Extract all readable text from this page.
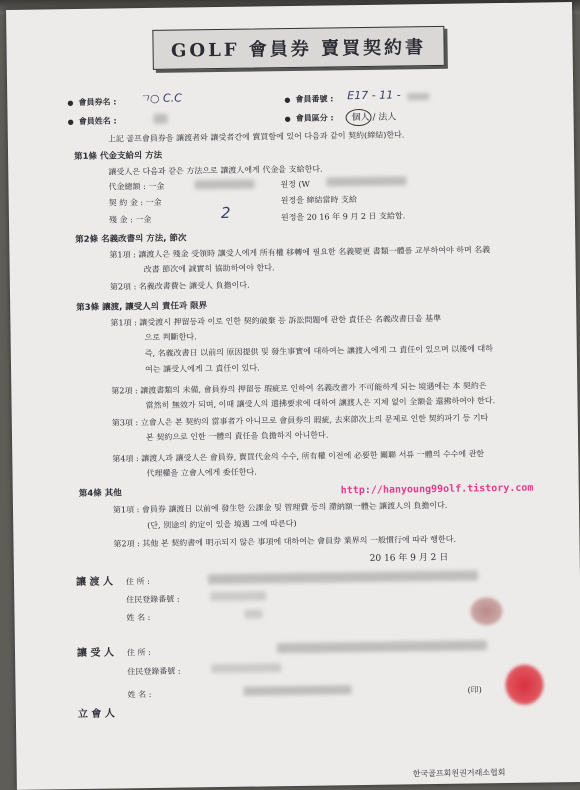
GOLF 會員券 賣買契約書
● 會員券名 : ㄱ○ C.C	● 會員番號 : E17 - 11 -
● 會員姓名 :	● 會員區分 : 個人 / 法人
上記 골프會員券을 讓渡者와 讓受者간에 賣買함에 있어 다음과 같이 契約(締結)한다.
第1條 代金支給의 方法
讓受人은 다음과 같은 方法으로 讓渡人에게 代金을 支給한다.
代金總額 : 一金	원정 (W
契 約 金 : 一金	원정을 締結當時 支給
殘 金 : 一金	2	원정을 20 16 年 9 月 2 日 支給함.
第2條 名義改書의 方法, 節次
第1項 : 讓渡人은 殘金 受領時 讓受人에게 所有權 移轉에 필요한 名義變更 書類一體를 교부하여야 하며 名義
改書 節次에 誠實히 協助하여야 한다.
第2項 : 名義改書費는 讓受人 負擔이다.
第3條 讓渡, 讓受人의 責任과 限界
第1項 : 讓受渡시 押留등과 이로 인한 契約破棄 등 訴訟問題에 관한 責任은 名義改書日을 基準
으로 判斷한다.
즉, 名義改書日 以前의 原因提供 및 發生事實에 대하여는 讓渡人에게 그 責任이 있으며 以後에 대하
여는 讓受人에게 그 責任이 있다.
第2項 : 讓渡書類의 未備, 會員券의 押留등 瑕疵로 인하여 名義改書가 不可能하게 되는 境遇에는 本 契約은
當然히 無效가 되며, 이때 讓受人의 還拂要求에 대하여 讓渡人은 지체 없이 全額을 還拂하여야 한다.
第3項 : 立會人은 본 契約의 當事者가 아니므로 會員券의 瑕疵, 去來節次上의 문제로 인한 契約파기 등 기타
본 契約으로 인한 一體의 責任을 負擔하지 아니한다.
第4項 : 讓渡人과 讓受人은 會員券, 賣買代金의 수수, 所有權 이전에 必要한 關聯 서류 一體의 수수에 관한
代理權을 立會人에게 委任한다.
第4條 其他
第1項 : 會員券 讓渡日 以前에 發生한 公課金 및 管理費 등의 滯納額一體는 讓渡人의 負擔이다.
(단, 別途의 約定이 있을 境遇 그에 따른다)
第2項 : 其他 본 契約書에 明示되지 않은 事項에 대하여는 會員券 業界의 一般慣行에 따라 행한다.
http://hanyoung99olf.tistory.com
20 16 年 9 月 2 日
讓 渡 人 住 所 :
住民登錄番號 :
姓 名 :
讓 受 人 住 所 :
住民登錄番號 :
姓 名 :
(印)
立 會 人
한국골프회원권거래소협회
